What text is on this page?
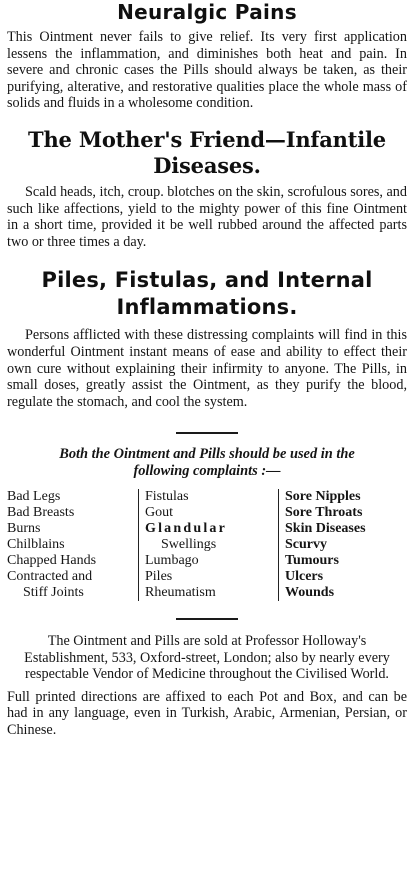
Neuralgic Pains

This Ointment never fails to give relief. Its very first application lessens the inflammation, and diminishes both heat and pain. In severe and chronic cases the Pills should always be taken, as their purifying, alterative, and restorative qualities place the whole mass of solids and fluids in a wholesome condition.

The Mother's Friend—Infantile
Diseases.

Scald heads, itch, croup. blotches on the skin, scrofulous sores, and such like affections, yield to the mighty power of this fine Ointment in a short time, provided it be well rubbed around the affected parts two or three times a day.

Piles, Fistulas, and Internal
Inflammations.

Persons afflicted with these distressing complaints will find in this wonderful Ointment instant means of ease and ability to effect their own cure without explaining their infirmity to anyone. The Pills, in small doses, greatly assist the Ointment, as they purify the blood, regulate the stomach, and cool the system.

Both the Ointment and Pills should be used in the
following complaints :—
Bad Legs
Bad Breasts
Burns
Chilblains
Chapped Hands
Contracted and
Stiff Joints
Fistulas
Gout
Glandular
Swellings
Lumbago
Piles
Rheumatism
Sore Nipples
Sore Throats
Skin Diseases
Scurvy
Tumours
Ulcers
Wounds

The Ointment and Pills are sold at Professor Holloway's Establishment, 533, Oxford-street, London; also by nearly every respectable Vendor of Medicine throughout the Civilised World.

Full printed directions are affixed to each Pot and Box, and can be had in any language, even in Turkish, Arabic, Armenian, Persian, or Chinese.
